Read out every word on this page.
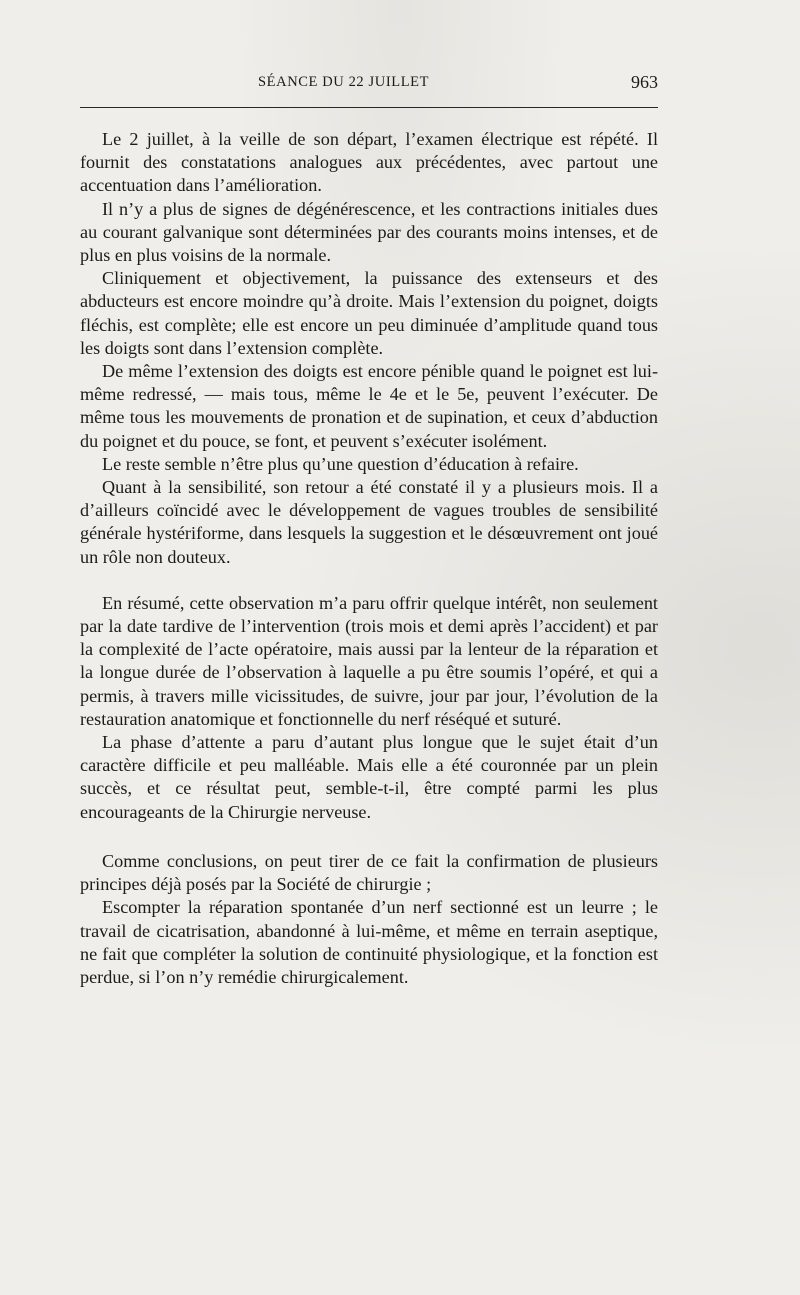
SÉANCE DU 22 JUILLET	963

Le 2 juillet, à la veille de son départ, l’examen électrique est répété. Il fournit des constatations analogues aux précédentes, avec partout une accentuation dans l’amélioration.

Il n’y a plus de signes de dégénérescence, et les contractions initiales dues au courant galvanique sont déterminées par des courants moins intenses, et de plus en plus voisins de la normale.

Cliniquement et objectivement, la puissance des extenseurs et des abducteurs est encore moindre qu’à droite. Mais l’extension du poignet, doigts fléchis, est complète; elle est encore un peu diminuée d’amplitude quand tous les doigts sont dans l’extension complète.

De même l’extension des doigts est encore pénible quand le poignet est lui-même redressé, — mais tous, même le 4e et le 5e, peuvent l’exécuter. De même tous les mouvements de pronation et de supination, et ceux d’abduction du poignet et du pouce, se font, et peuvent s’exécuter isolément.

Le reste semble n’être plus qu’une question d’éducation à refaire.

Quant à la sensibilité, son retour a été constaté il y a plusieurs mois. Il a d’ailleurs coïncidé avec le développement de vagues troubles de sensibilité générale hystériforme, dans lesquels la suggestion et le désœuvrement ont joué un rôle non douteux.

En résumé, cette observation m’a paru offrir quelque intérêt, non seulement par la date tardive de l’intervention (trois mois et demi après l’accident) et par la complexité de l’acte opératoire, mais aussi par la lenteur de la réparation et la longue durée de l’observation à laquelle a pu être soumis l’opéré, et qui a permis, à travers mille vicissitudes, de suivre, jour par jour, l’évolution de la restauration anatomique et fonctionnelle du nerf réséqué et suturé.

La phase d’attente a paru d’autant plus longue que le sujet était d’un caractère difficile et peu malléable. Mais elle a été couronnée par un plein succès, et ce résultat peut, semble-t-il, être compté parmi les plus encourageants de la Chirurgie nerveuse.

Comme conclusions, on peut tirer de ce fait la confirmation de plusieurs principes déjà posés par la Société de chirurgie ;

Escompter la réparation spontanée d’un nerf sectionné est un leurre ; le travail de cicatrisation, abandonné à lui-même, et même en terrain aseptique, ne fait que compléter la solution de continuité physiologique, et la fonction est perdue, si l’on n’y remédie chirurgicalement.
